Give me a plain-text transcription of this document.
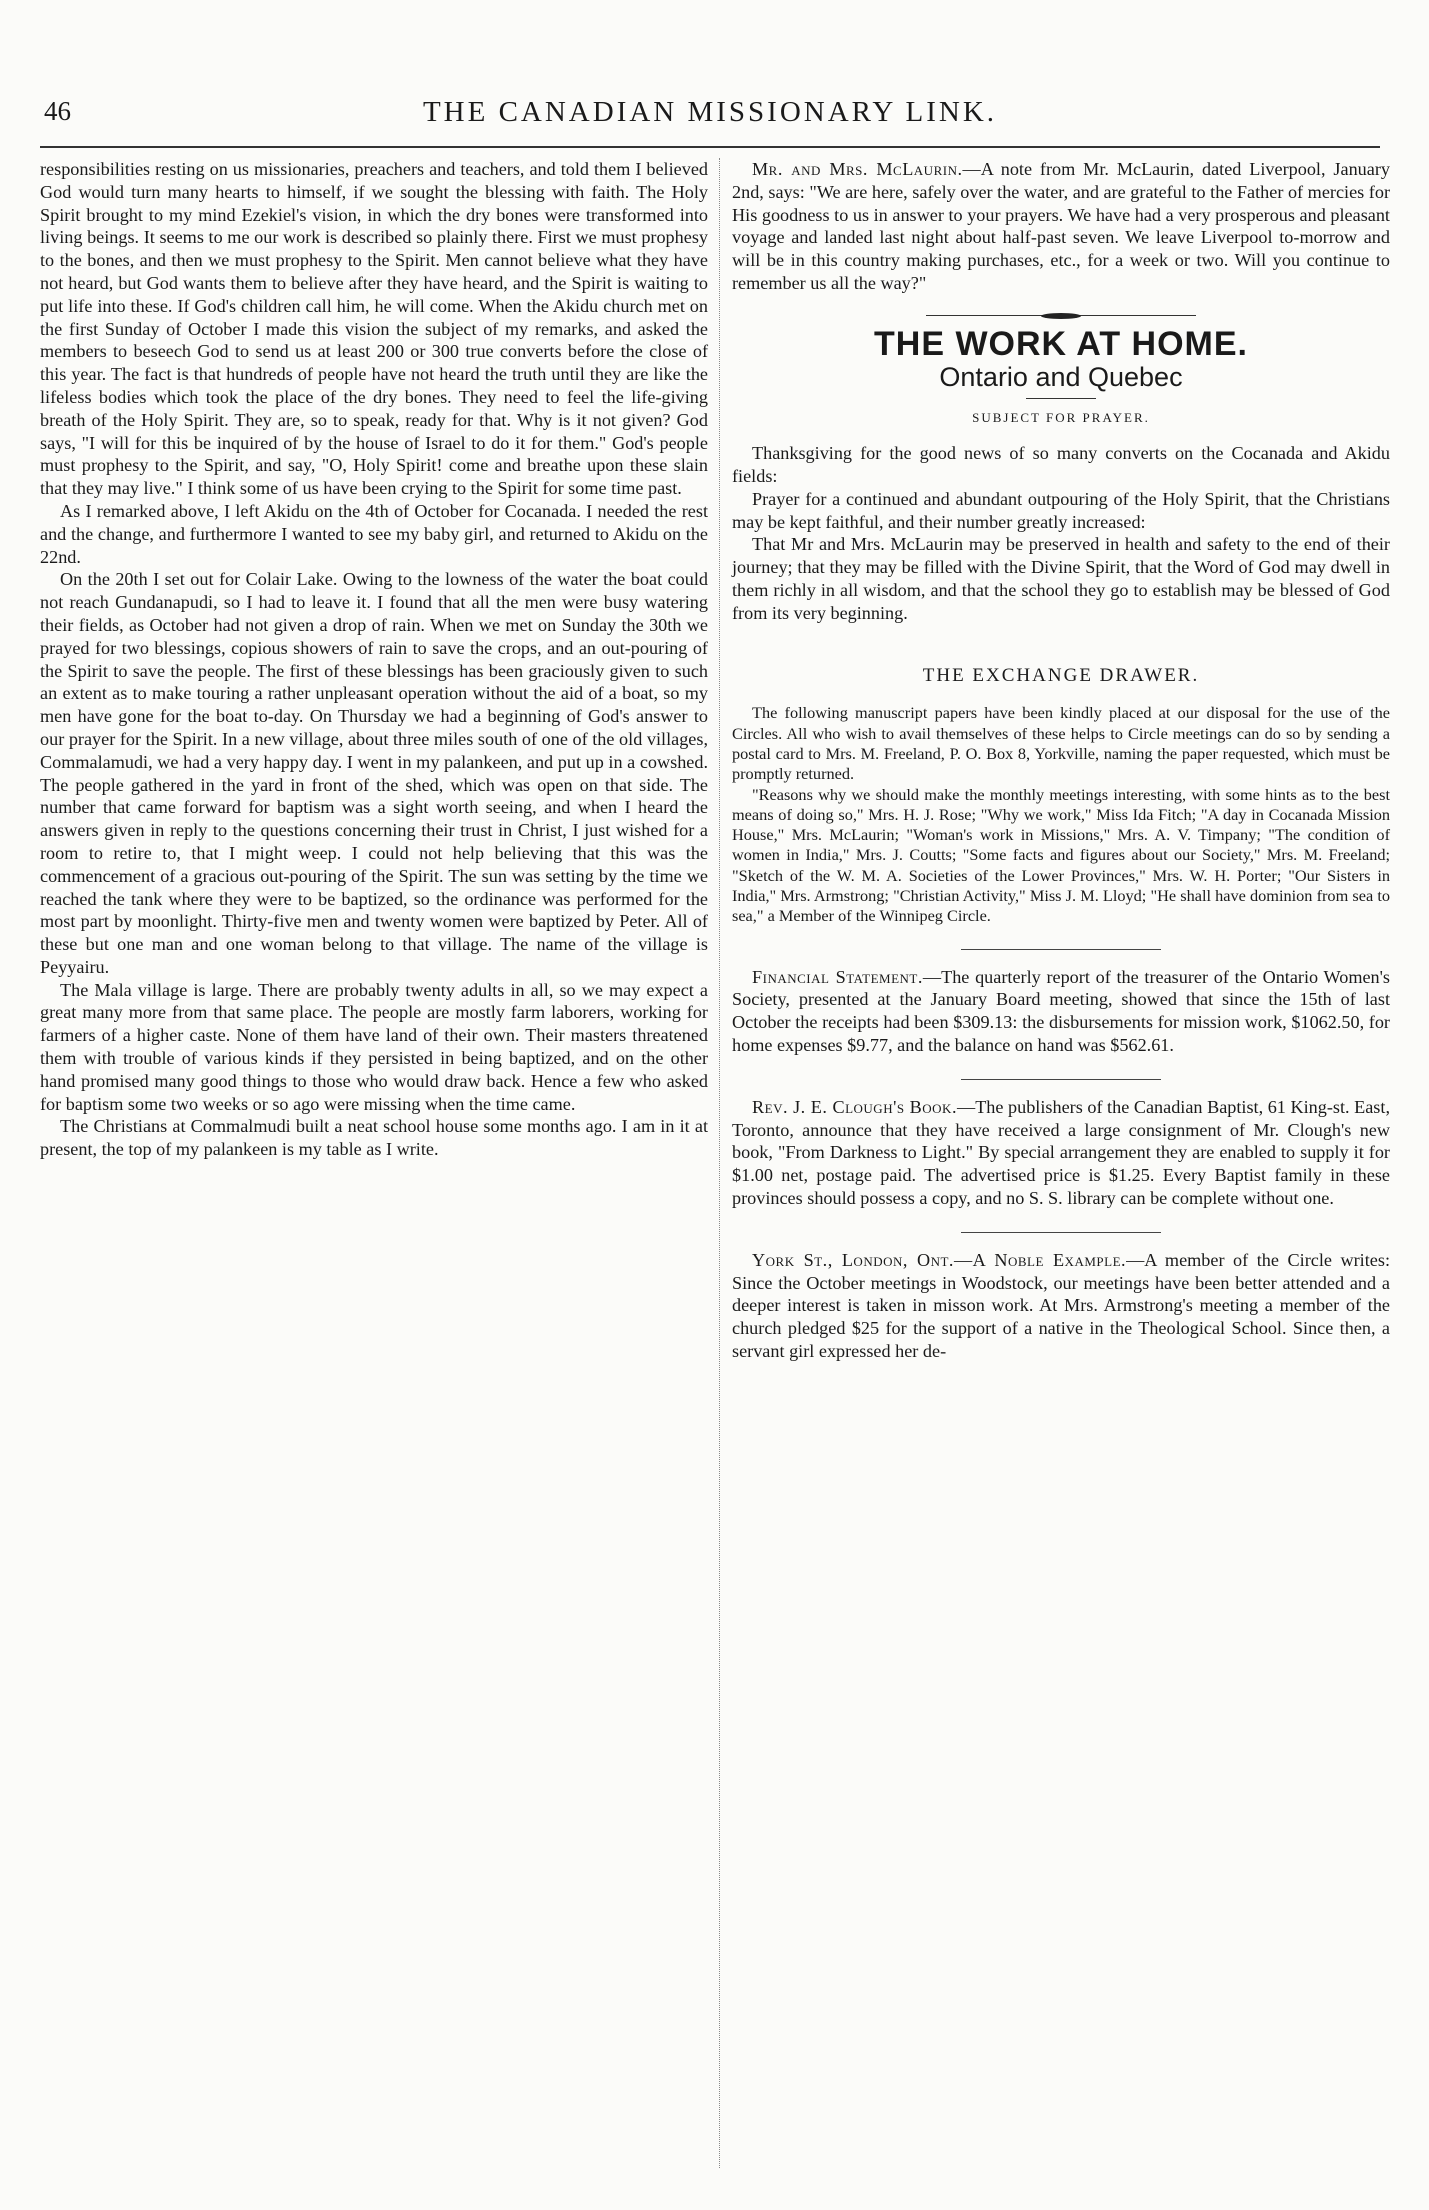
46	THE CANADIAN MISSIONARY LINK.

responsibilities resting on us missionaries, preachers and teachers, and told them I believed God would turn many hearts to himself, if we sought the blessing with faith. The Holy Spirit brought to my mind Ezekiel's vision, in which the dry bones were transformed into living beings. It seems to me our work is described so plainly there. First we must prophesy to the bones, and then we must prophesy to the Spirit. Men cannot believe what they have not heard, but God wants them to believe after they have heard, and the Spirit is waiting to put life into these. If God's children call him, he will come. When the Akidu church met on the first Sunday of October I made this vision the subject of my remarks, and asked the members to beseech God to send us at least 200 or 300 true converts before the close of this year. The fact is that hundreds of people have not heard the truth until they are like the lifeless bodies which took the place of the dry bones. They need to feel the life-giving breath of the Holy Spirit. They are, so to speak, ready for that. Why is it not given? God says, "I will for this be inquired of by the house of Israel to do it for them." God's people must prophesy to the Spirit, and say, "O, Holy Spirit! come and breathe upon these slain that they may live." I think some of us have been crying to the Spirit for some time past.

As I remarked above, I left Akidu on the 4th of October for Cocanada. I needed the rest and the change, and furthermore I wanted to see my baby girl, and returned to Akidu on the 22nd.

On the 20th I set out for Colair Lake. Owing to the lowness of the water the boat could not reach Gundanapudi, so I had to leave it. I found that all the men were busy watering their fields, as October had not given a drop of rain. When we met on Sunday the 30th we prayed for two blessings, copious showers of rain to save the crops, and an out-pouring of the Spirit to save the people. The first of these blessings has been graciously given to such an extent as to make touring a rather unpleasant operation without the aid of a boat, so my men have gone for the boat to-day. On Thursday we had a beginning of God's answer to our prayer for the Spirit. In a new village, about three miles south of one of the old villages, Commalamudi, we had a very happy day. I went in my palankeen, and put up in a cowshed. The people gathered in the yard in front of the shed, which was open on that side. The number that came forward for baptism was a sight worth seeing, and when I heard the answers given in reply to the questions concerning their trust in Christ, I just wished for a room to retire to, that I might weep. I could not help believing that this was the commencement of a gracious out-pouring of the Spirit. The sun was setting by the time we reached the tank where they were to be baptized, so the ordinance was performed for the most part by moonlight. Thirty-five men and twenty women were baptized by Peter. All of these but one man and one woman belong to that village. The name of the village is Peyyairu.

The Mala village is large. There are probably twenty adults in all, so we may expect a great many more from that same place. The people are mostly farm laborers, working for farmers of a higher caste. None of them have land of their own. Their masters threatened them with trouble of various kinds if they persisted in being baptized, and on the other hand promised many good things to those who would draw back. Hence a few who asked for baptism some two weeks or so ago were missing when the time came.

The Christians at Commalmudi built a neat school house some months ago. I am in it at present, the top of my palankeen is my table as I write.

Mr. and Mrs. McLaurin.—A note from Mr. McLaurin, dated Liverpool, January 2nd, says: "We are here, safely over the water, and are grateful to the Father of mercies for His goodness to us in answer to your prayers. We have had a very prosperous and pleasant voyage and landed last night about half-past seven. We leave Liverpool to-morrow and will be in this country making purchases, etc., for a week or two. Will you continue to remember us all the way?"

THE WORK AT HOME.
Ontario and Quebec
SUBJECT FOR PRAYER.

Thanksgiving for the good news of so many converts on the Cocanada and Akidu fields:

Prayer for a continued and abundant outpouring of the Holy Spirit, that the Christians may be kept faithful, and their number greatly increased:

That Mr and Mrs. McLaurin may be preserved in health and safety to the end of their journey; that they may be filled with the Divine Spirit, that the Word of God may dwell in them richly in all wisdom, and that the school they go to establish may be blessed of God from its very beginning.

THE EXCHANGE DRAWER.

The following manuscript papers have been kindly placed at our disposal for the use of the Circles. All who wish to avail themselves of these helps to Circle meetings can do so by sending a postal card to Mrs. M. Freeland, P. O. Box 8, Yorkville, naming the paper requested, which must be promptly returned.

"Reasons why we should make the monthly meetings interesting, with some hints as to the best means of doing so," Mrs. H. J. Rose; "Why we work," Miss Ida Fitch; "A day in Cocanada Mission House," Mrs. McLaurin; "Woman's work in Missions," Mrs. A. V. Timpany; "The condition of women in India," Mrs. J. Coutts; "Some facts and figures about our Society," Mrs. M. Freeland; "Sketch of the W. M. A. Societies of the Lower Provinces," Mrs. W. H. Porter; "Our Sisters in India," Mrs. Armstrong; "Christian Activity," Miss J. M. Lloyd; "He shall have dominion from sea to sea," a Member of the Winnipeg Circle.

Financial Statement.—The quarterly report of the treasurer of the Ontario Women's Society, presented at the January Board meeting, showed that since the 15th of last October the receipts had been $309.13: the disbursements for mission work, $1062.50, for home expenses $9.77, and the balance on hand was $562.61.

Rev. J. E. Clough's Book.—The publishers of the Canadian Baptist, 61 King-st. East, Toronto, announce that they have received a large consignment of Mr. Clough's new book, "From Darkness to Light." By special arrangement they are enabled to supply it for $1.00 net, postage paid. The advertised price is $1.25. Every Baptist family in these provinces should possess a copy, and no S. S. library can be complete without one.

York St., London, Ont.—A Noble Example.—A member of the Circle writes: Since the October meetings in Woodstock, our meetings have been better attended and a deeper interest is taken in misson work. At Mrs. Armstrong's meeting a member of the church pledged $25 for the support of a native in the Theological School. Since then, a servant girl expressed her de-
